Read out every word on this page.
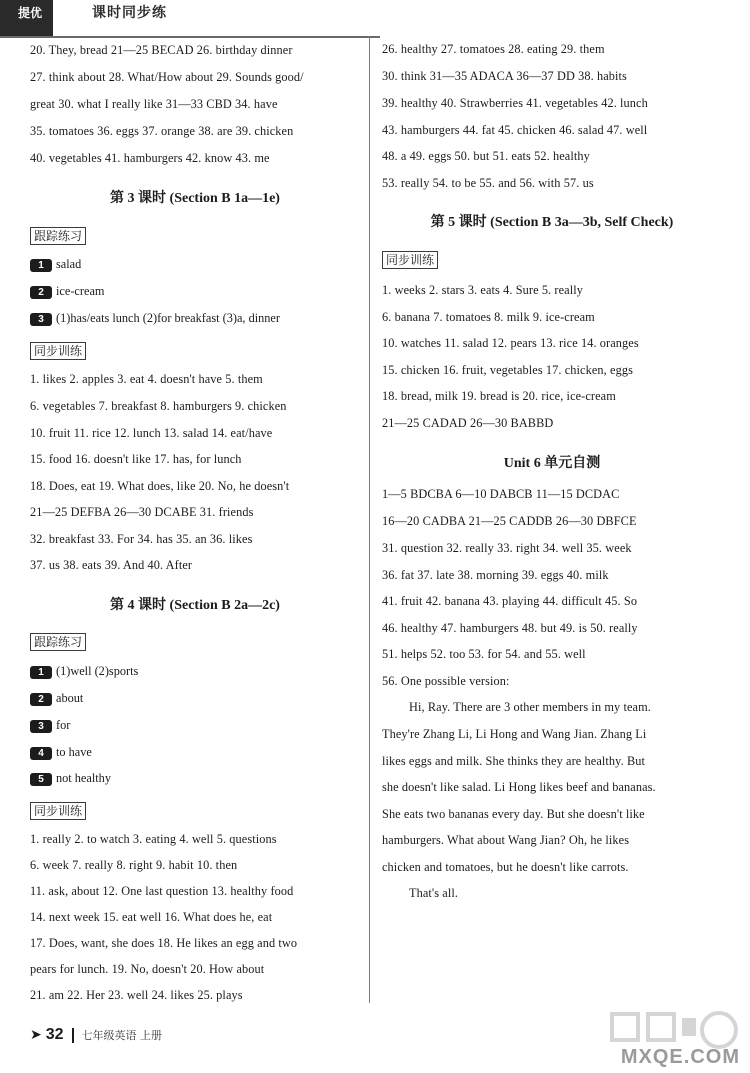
提优	课时同步练
20. They, bread 21—25 BECAD 26. birthday dinner
27. think about 28. What/How about 29. Sounds good/
great 30. what I really like 31—33 CBD 34. have
35. tomatoes 36. eggs 37. orange 38. are 39. chicken
40. vegetables 41. hamburgers 42. know 43. me
第 3 课时 (Section B 1a—1e)
跟踪练习
1 salad
2 ice-cream
3 (1)has/eats lunch (2)for breakfast (3)a, dinner
同步训练
1. likes 2. apples 3. eat 4. doesn't have 5. them
6. vegetables 7. breakfast 8. hamburgers 9. chicken
10. fruit 11. rice 12. lunch 13. salad 14. eat/have
15. food 16. doesn't like 17. has, for lunch
18. Does, eat 19. What does, like 20. No, he doesn't
21—25 DEFBA 26—30 DCABE 31. friends
32. breakfast 33. For 34. has 35. an 36. likes
37. us 38. eats 39. And 40. After
第 4 课时 (Section B 2a—2c)
跟踪练习
1 (1)well (2)sports
2 about
3 for
4 to have
5 not healthy
同步训练
1. really 2. to watch 3. eating 4. well 5. questions
6. week 7. really 8. right 9. habit 10. then
11. ask, about 12. One last question 13. healthy food
14. next week 15. eat well 16. What does he, eat
17. Does, want, she does 18. He likes an egg and two
pears for lunch. 19. No, doesn't 20. How about
21. am 22. Her 23. well 24. likes 25. plays
26. healthy 27. tomatoes 28. eating 29. them
30. think 31—35 ADACA 36—37 DD 38. habits
39. healthy 40. Strawberries 41. vegetables 42. lunch
43. hamburgers 44. fat 45. chicken 46. salad 47. well
48. a 49. eggs 50. but 51. eats 52. healthy
53. really 54. to be 55. and 56. with 57. us
第 5 课时 (Section B 3a—3b, Self Check)
同步训练
1. weeks 2. stars 3. eats 4. Sure 5. really
6. banana 7. tomatoes 8. milk 9. ice-cream
10. watches 11. salad 12. pears 13. rice 14. oranges
15. chicken 16. fruit, vegetables 17. chicken, eggs
18. bread, milk 19. bread is 20. rice, ice-cream
21—25 CADAD 26—30 BABBD
Unit 6 单元自测
1—5 BDCBA 6—10 DABCB 11—15 DCDAC
16—20 CADBA 21—25 CADDB 26—30 DBFCE
31. question 32. really 33. right 34. well 35. week
36. fat 37. late 38. morning 39. eggs 40. milk
41. fruit 42. banana 43. playing 44. difficult 45. So
46. healthy 47. hamburgers 48. but 49. is 50. really
51. helps 52. too 53. for 54. and 55. well
56. One possible version:
Hi, Ray. There are 3 other members in my team.
They're Zhang Li, Li Hong and Wang Jian. Zhang Li
likes eggs and milk. She thinks they are healthy. But
she doesn't like salad. Li Hong likes beef and bananas.
She eats two bananas every day. But she doesn't like
hamburgers. What about Wang Jian? Oh, he likes
chicken and tomatoes, but he doesn't like carrots.
That's all.
➤ 32 七年级英语 上册
MXQE.COM
